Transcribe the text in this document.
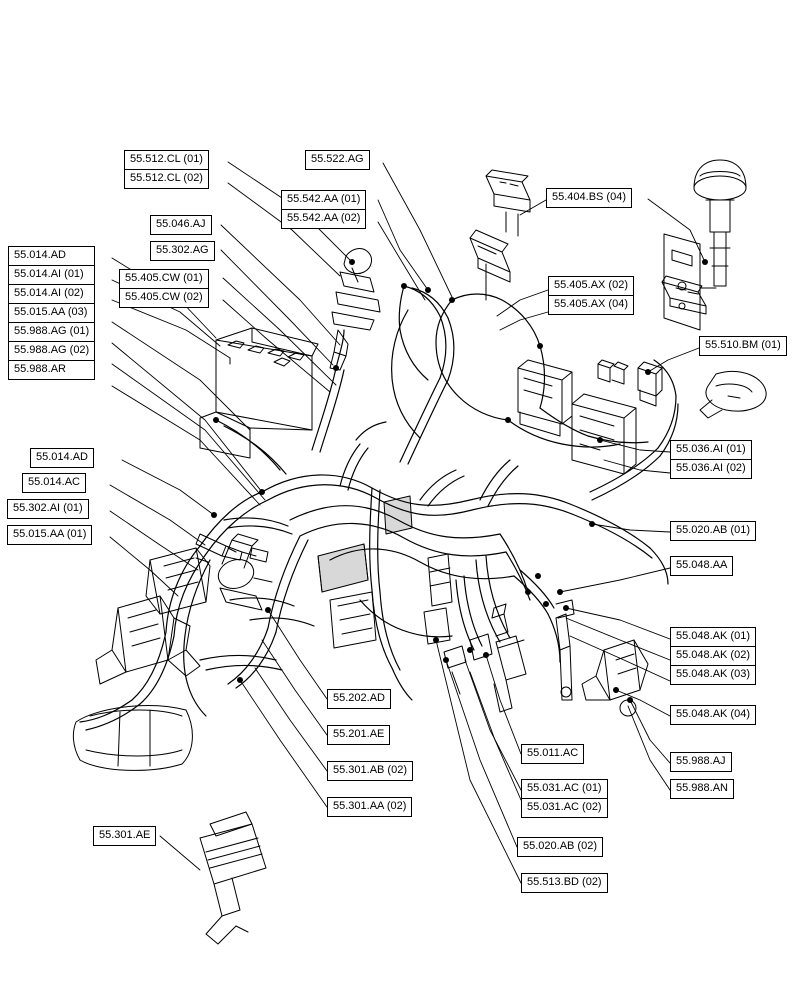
55.512.CL (01)
55.512.CL (02)
55.522.AG
55.404.BS (04)
55.542.AA (01)
55.542.AA (02)
55.046.AJ
55.302.AG
55.405.CW (01)
55.405.CW (02)
55.014.AD
55.014.AI (01)
55.014.AI (02)
55.015.AA (03)
55.988.AG (01)
55.988.AG (02)
55.988.AR
55.405.AX (02)
55.405.AX (04)
55.510.BM (01)
55.036.AI (01)
55.036.AI (02)
55.020.AB (01)
55.048.AA
55.014.AD
55.014.AC
55.302.AI (01)
55.015.AA (01)
55.048.AK (01)
55.048.AK (02)
55.048.AK (03)
55.048.AK (04)
55.202.AD
55.201.AE
55.301.AB (02)
55.301.AA (02)
55.011.AC
55.031.AC (01)
55.031.AC (02)
55.988.AJ
55.988.AN
55.020.AB (02)
55.513.BD (02)
55.301.AE
